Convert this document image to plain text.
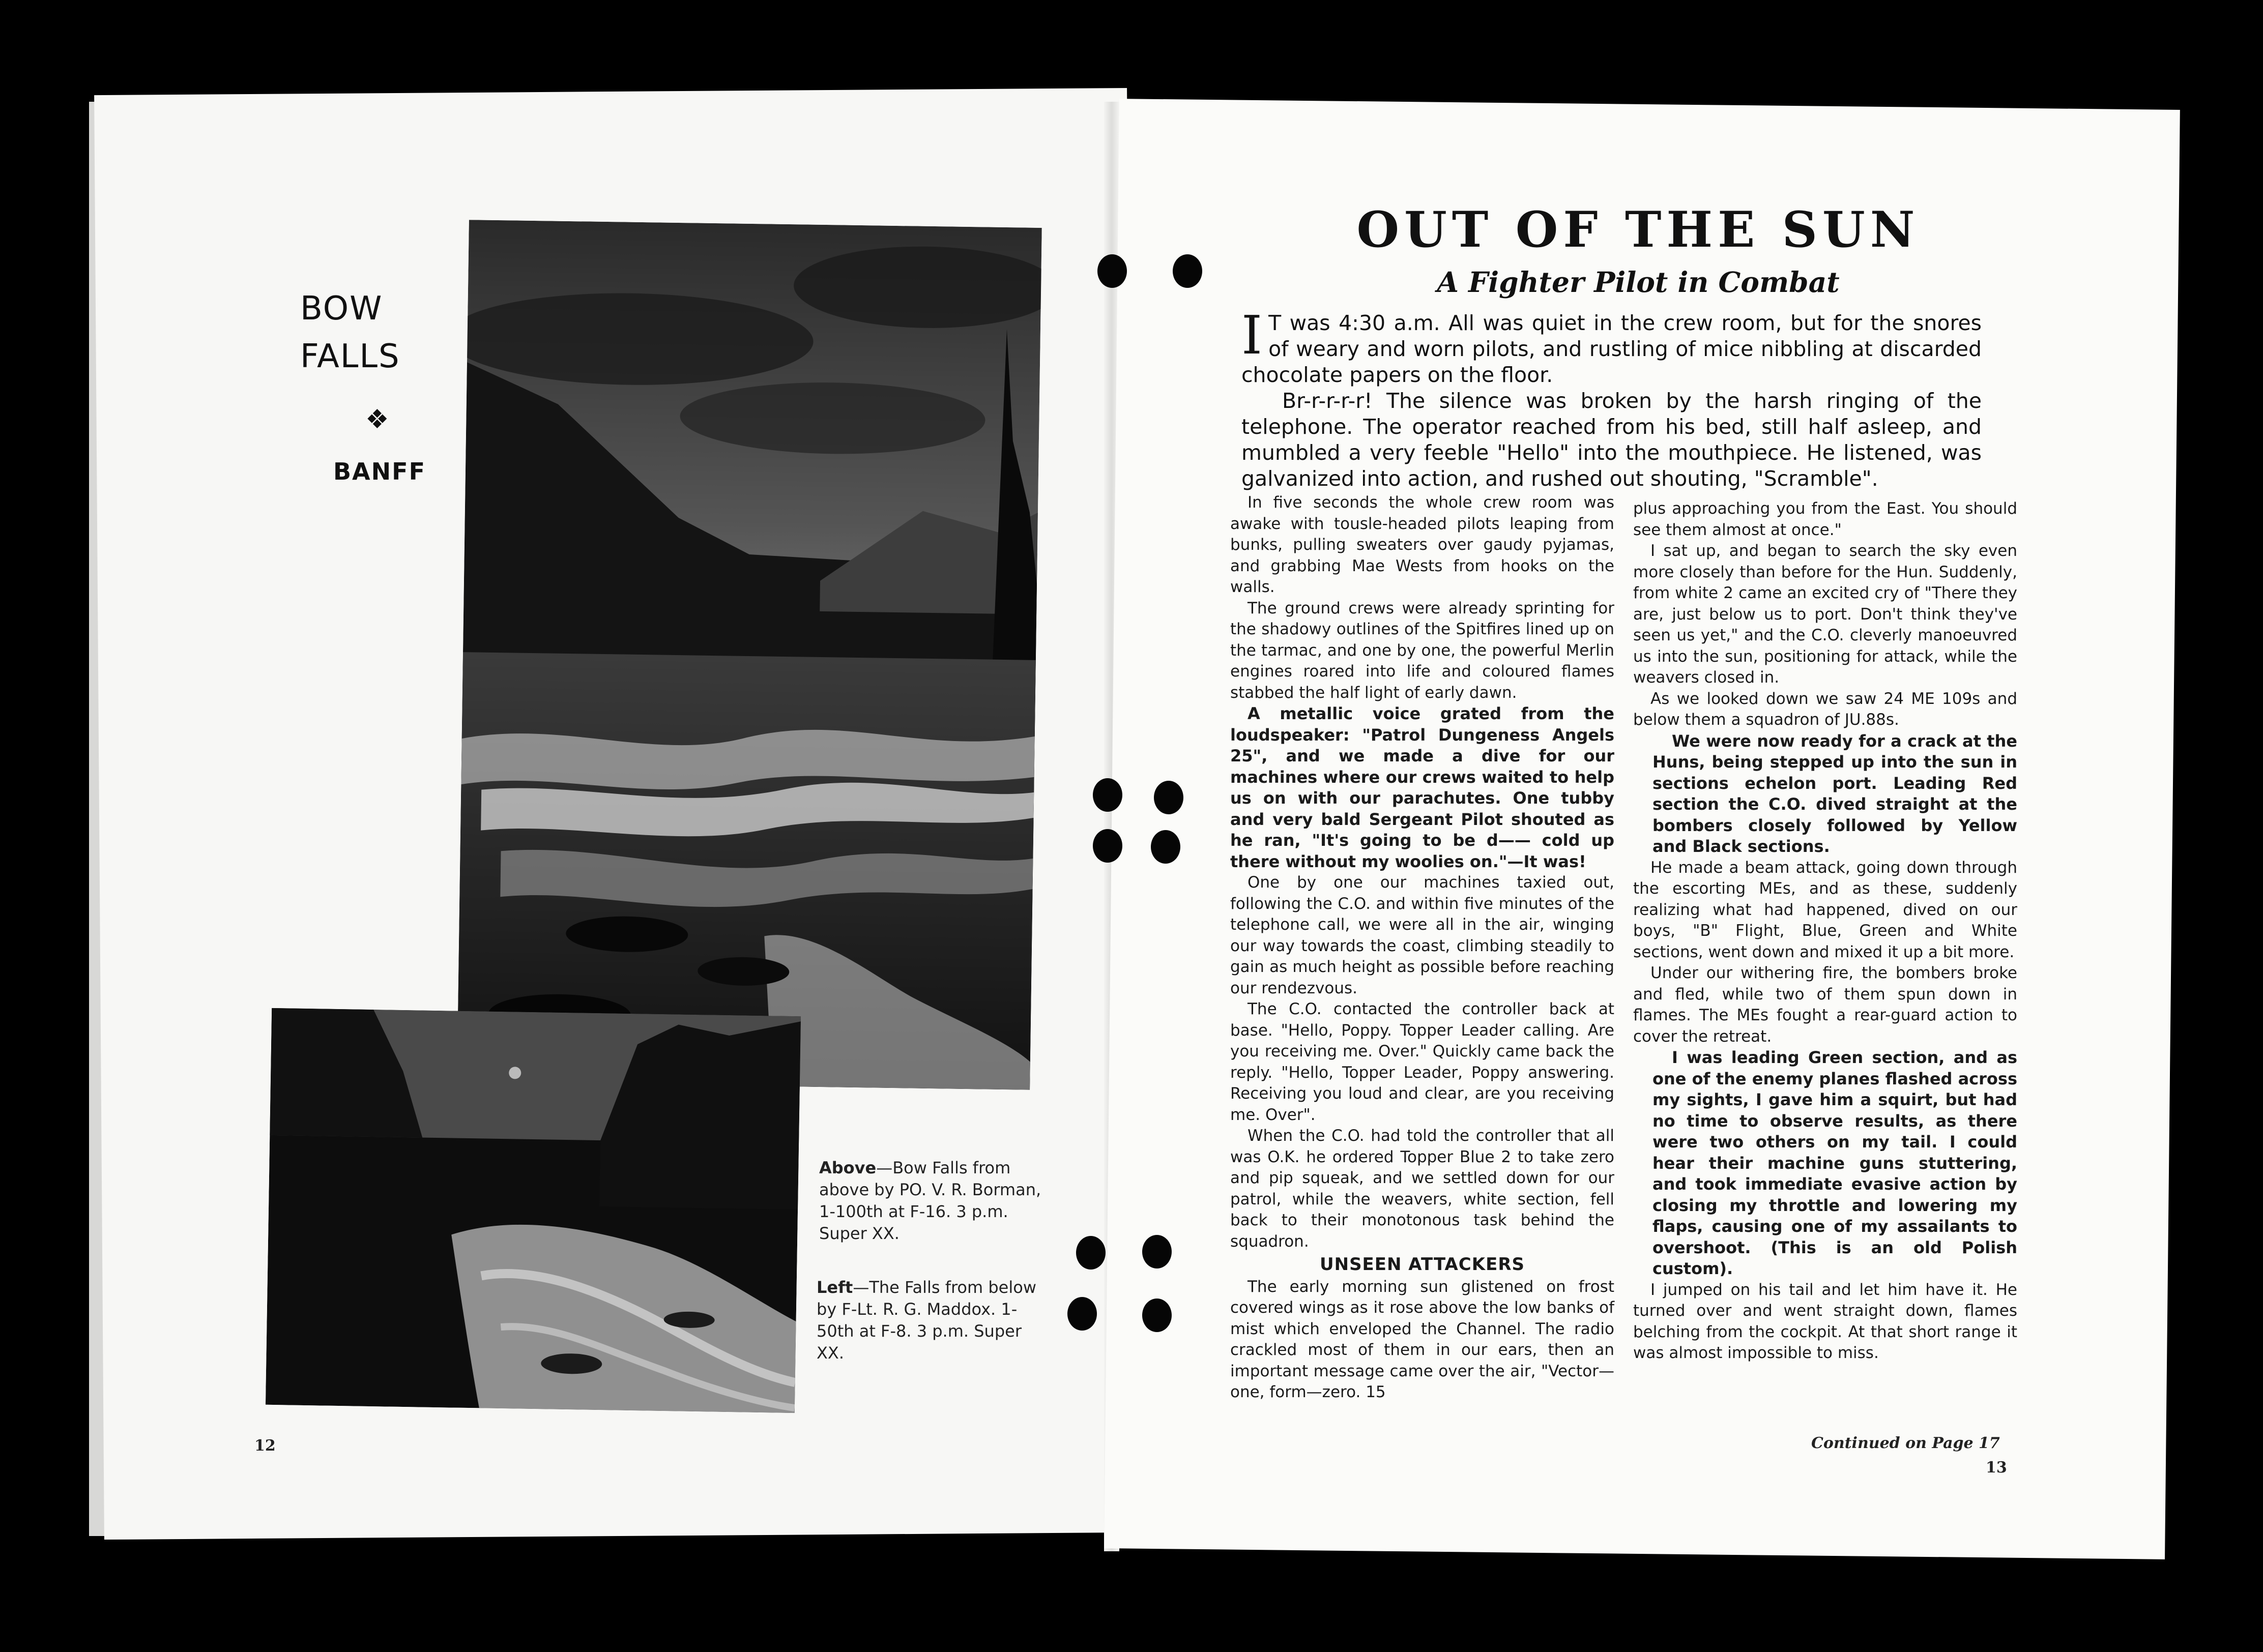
BOW
FALLS
❖
BANFF
Above—Bow Falls from above by PO. V. R. Borman, 1-100th at F-16. 3 p.m. Super XX.
Left—The Falls from below by F-Lt. R. G. Maddox. 1-50th at F-8. 3 p.m. Super XX.
12
OUT OF THE SUN
A Fighter Pilot in Combat

I T was 4:30 a.m. All was quiet in the crew room, but for the snores of weary and worn pilots, and rustling of mice nibbling at discarded chocolate papers on the floor.

Br-r-r-r-r! The silence was broken by the harsh ringing of the telephone. The operator reached from his bed, still half asleep, and mumbled a very feeble "Hello" into the mouthpiece. He listened, was galvanized into action, and rushed out shouting, "Scramble".

In five seconds the whole crew room was awake with tousle-headed pilots leaping from bunks, pulling sweaters over gaudy pyjamas, and grabbing Mae Wests from hooks on the walls.

The ground crews were already sprinting for the shadowy outlines of the Spitfires lined up on the tarmac, and one by one, the powerful Merlin engines roared into life and coloured flames stabbed the half light of early dawn.

A metallic voice grated from the loudspeaker: "Patrol Dungeness Angels 25", and we made a dive for our machines where our crews waited to help us on with our parachutes. One tubby and very bald Sergeant Pilot shouted as he ran, "It's going to be d—— cold up there without my woolies on."—It was!

One by one our machines taxied out, following the C.O. and within five minutes of the telephone call, we were all in the air, winging our way towards the coast, climbing steadily to gain as much height as possible before reaching our rendezvous.

The C.O. contacted the controller back at base. "Hello, Poppy. Topper Leader calling. Are you receiving me. Over." Quickly came back the reply. "Hello, Topper Leader, Poppy answering. Receiving you loud and clear, are you receiving me. Over".

When the C.O. had told the controller that all was O.K. he ordered Topper Blue 2 to take zero and pip squeak, and we settled down for our patrol, while the weavers, white section, fell back to their monotonous task behind the squadron.

UNSEEN ATTACKERS

The early morning sun glistened on frost covered wings as it rose above the low banks of mist which enveloped the Channel. The radio crackled most of them in our ears, then an important message came over the air, "Vector—one, form—zero. 15

plus approaching you from the East. You should see them almost at once."

I sat up, and began to search the sky even more closely than before for the Hun. Suddenly, from white 2 came an excited cry of "There they are, just below us to port. Don't think they've seen us yet," and the C.O. cleverly manoeuvred us into the sun, positioning for attack, while the weavers closed in.

As we looked down we saw 24 ME 109s and below them a squadron of JU.88s.

We were now ready for a crack at the Huns, being stepped up into the sun in sections echelon port. Leading Red section the C.O. dived straight at the bombers closely followed by Yellow and Black sections.

He made a beam attack, going down through the escorting MEs, and as these, suddenly realizing what had happened, dived on our boys, "B" Flight, Blue, Green and White sections, went down and mixed it up a bit more.

Under our withering fire, the bombers broke and fled, while two of them spun down in flames. The MEs fought a rear-guard action to cover the retreat.

I was leading Green section, and as one of the enemy planes flashed across my sights, I gave him a squirt, but had no time to observe results, as there were two others on my tail. I could hear their machine guns stuttering, and took immediate evasive action by closing my throttle and lowering my flaps, causing one of my assailants to overshoot. (This is an old Polish custom).

I jumped on his tail and let him have it. He turned over and went straight down, flames belching from the cockpit. At that short range it was almost impossible to miss.

Continued on Page 17
13
